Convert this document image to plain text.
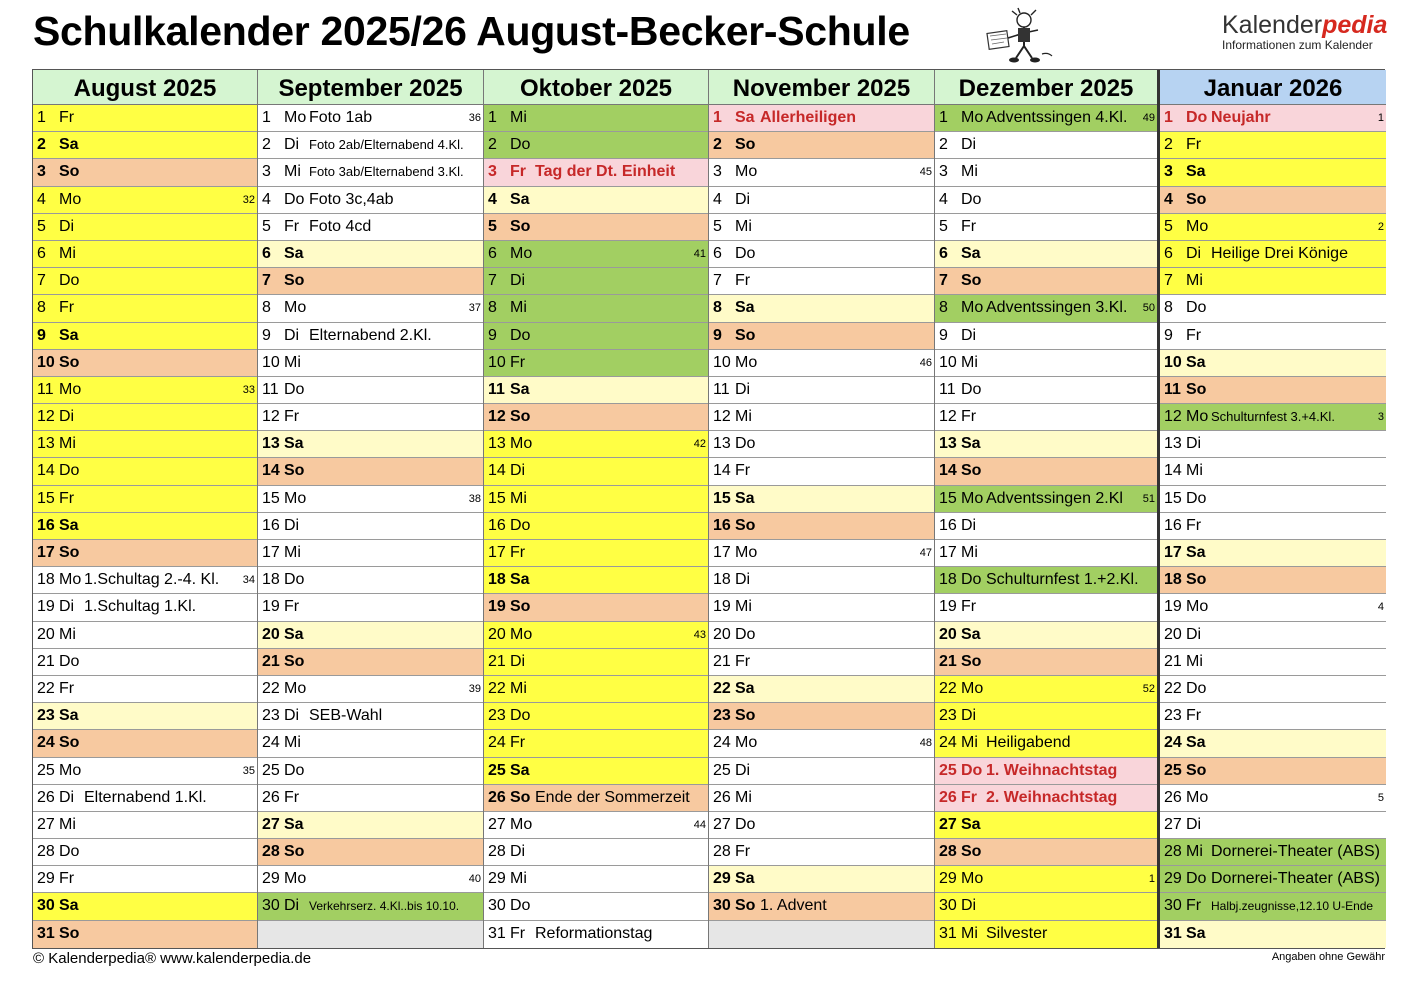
Schulkalender 2025/26 August-Becker-Schule	Kalenderpedia
Informationen zum Kalender
August 2025
1 Fr
2 Sa
3 So
4 Mo	32
5 Di
6 Mi
7 Do
8 Fr
9 Sa
10 So
11 Mo	33
12 Di
13 Mi
14 Do
15 Fr
16 Sa
17 So
18 Mo 1.Schultag 2.-4. Kl. 34
19 Di 1.Schultag 1.Kl.
20 Mi
21 Do
22 Fr
23 Sa
24 So
25 Mo	35
26 Di Elternabend 1.Kl.
27 Mi
28 Do
29 Fr
30 Sa
31 So
September 2025
1 Mo Foto 1ab	36
2 Di Foto 2ab/Elternabend 4.Kl.
3 Mi Foto 3ab/Elternabend 3.Kl.
4 Do Foto 3c,4ab
5 Fr Foto 4cd
6 Sa
7 So
8 Mo	37
9 Di Elternabend 2.Kl.
10 Mi
11 Do
12 Fr
13 Sa
14 So
15 Mo	38
16 Di
17 Mi
18 Do
19 Fr
20 Sa
21 So
22 Mo	39
23 Di SEB-Wahl
24 Mi
25 Do
26 Fr
27 Sa
28 So
29 Mo	40
30 Di Verkehrserz. 4.Kl..bis 10.10.
Oktober 2025
1 Mi
2 Do
3 Fr Tag der Dt. Einheit
4 Sa
5 So
6 Mo	41
7 Di
8 Mi
9 Do
10 Fr
11 Sa
12 So
13 Mo	42
14 Di
15 Mi
16 Do
17 Fr
18 Sa
19 So
20 Mo	43
21 Di
22 Mi
23 Do
24 Fr
25 Sa
26 So Ende der Sommerzeit
27 Mo	44
28 Di
29 Mi
30 Do
31 Fr Reformationstag
November 2025
1 Sa Allerheiligen
2 So
3 Mo	45
4 Di
5 Mi
6 Do
7 Fr
8 Sa
9 So
10 Mo	46
11 Di
12 Mi
13 Do
14 Fr
15 Sa
16 So
17 Mo	47
18 Di
19 Mi
20 Do
21 Fr
22 Sa
23 So
24 Mo	48
25 Di
26 Mi
27 Do
28 Fr
29 Sa
30 So 1. Advent
Dezember 2025
1 Mo Adventssingen 4.Kl. 49
2 Di
3 Mi
4 Do
5 Fr
6 Sa
7 So
8 Mo Adventssingen 3.Kl. 50
9 Di
10 Mi
11 Do
12 Fr
13 Sa
14 So
15 Mo Adventssingen 2.Kl 51
16 Di
17 Mi
18 Do Schulturnfest 1.+2.Kl.
19 Fr
20 Sa
21 So
22 Mo	52
23 Di
24 Mi Heiligabend
25 Do 1. Weihnachtstag
26 Fr 2. Weihnachtstag
27 Sa
28 So
29 Mo	1
30 Di
31 Mi Silvester
Januar 2026
1 Do Neujahr	1
2 Fr
3 Sa
4 So
5 Mo	2
6 Di Heilige Drei Könige
7 Mi
8 Do
9 Fr
10 Sa
11 So
12 Mo Schulturnfest 3.+4.Kl.	3
13 Di
14 Mi
15 Do
16 Fr
17 Sa
18 So
19 Mo	4
20 Di
21 Mi
22 Do
23 Fr
24 Sa
25 So
26 Mo	5
27 Di
28 Mi Dornerei-Theater (ABS)
29 Do Dornerei-Theater (ABS)
30 Fr Halbj.zeugnisse,12.10 U-Ende
31 Sa
© Kalenderpedia® www.kalenderpedia.de	Angaben ohne Gewähr
